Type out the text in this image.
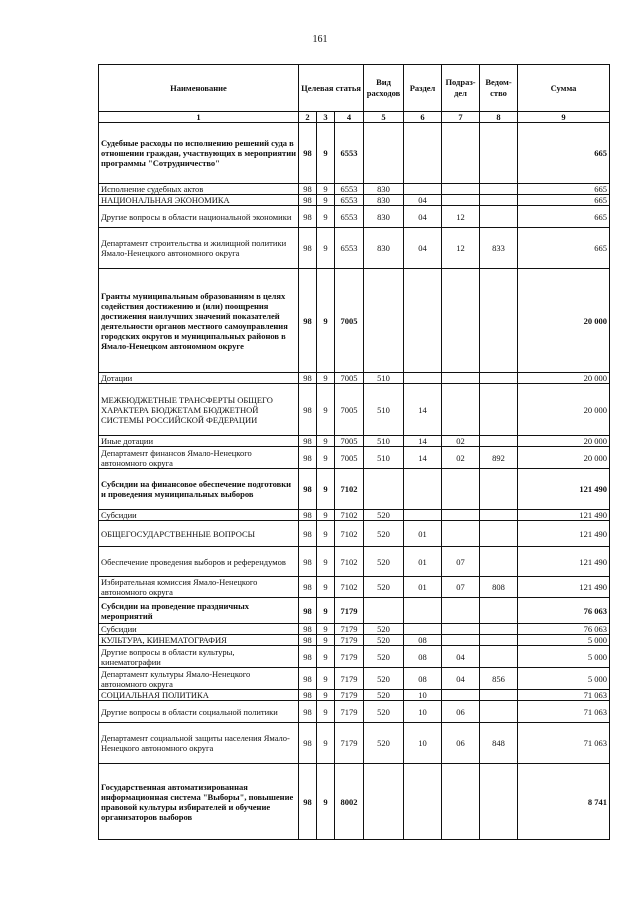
161
Наименование	Целевая статья			Вид расходов	Раздел	Подраз-дел	Ведом-ство	Сумма
1	2	3	4	5	6	7	8	9
Судебные расходы по исполнению решений суда в отношении граждан, участвующих в мероприятии программы "Сотрудничество"	98	9	6553					665
Исполнение судебных актов	98	9	6553	830				665
НАЦИОНАЛЬНАЯ ЭКОНОМИКА	98	9	6553	830	04			665
Другие вопросы в области национальной экономики	98	9	6553	830	04	12		665
Департамент строительства и жилищной политики Ямало-Ненецкого автономного округа	98	9	6553	830	04	12	833	665
Гранты муниципальным образованиям в целях содействия достижению и (или) поощрения достижения наилучших значений показателей деятельности органов местного самоуправления городских округов и муниципальных районов в Ямало-Ненецком автономном округе	98	9	7005					20 000
Дотации	98	9	7005	510				20 000
МЕЖБЮДЖЕТНЫЕ ТРАНСФЕРТЫ ОБЩЕГО ХАРАКТЕРА БЮДЖЕТАМ БЮДЖЕТНОЙ СИСТЕМЫ РОССИЙСКОЙ ФЕДЕРАЦИИ	98	9	7005	510	14			20 000
Иные дотации	98	9	7005	510	14	02		20 000
Департамент финансов Ямало-Ненецкого автономного округа	98	9	7005	510	14	02	892	20 000
Субсидии на финансовое обеспечение подготовки и проведения муниципальных выборов	98	9	7102					121 490
Субсидии	98	9	7102	520				121 490
ОБЩЕГОСУДАРСТВЕННЫЕ ВОПРОСЫ	98	9	7102	520	01			121 490
Обеспечение проведения выборов и референдумов	98	9	7102	520	01	07		121 490
Избирательная комиссия Ямало-Ненецкого автономного округа	98	9	7102	520	01	07	808	121 490
Субсидии на проведение праздничных мероприятий	98	9	7179					76 063
Субсидии	98	9	7179	520				76 063
КУЛЬТУРА, КИНЕМАТОГРАФИЯ	98	9	7179	520	08			5 000
Другие вопросы в области культуры, кинематографии	98	9	7179	520	08	04		5 000
Департамент культуры Ямало-Ненецкого автономного округа	98	9	7179	520	08	04	856	5 000
СОЦИАЛЬНАЯ ПОЛИТИКА	98	9	7179	520	10			71 063
Другие вопросы в области социальной политики	98	9	7179	520	10	06		71 063
Департамент социальной защиты населения Ямало-Ненецкого автономного округа	98	9	7179	520	10	06	848	71 063
Государственная автоматизированная информационная система "Выборы", повышение правовой культуры избирателей и обучение организаторов выборов	98	9	8002					8 741
